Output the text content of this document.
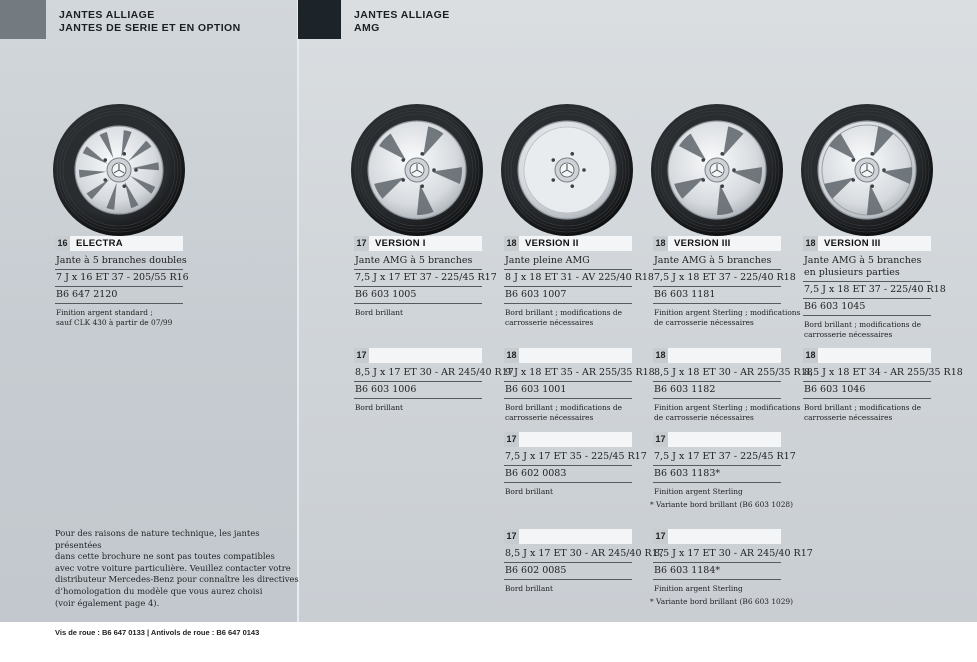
JANTES ALLIAGE
JANTES DE SERIE ET EN OPTION
JANTES ALLIAGE
AMG
Pour des raisons de nature technique, les jantes présentées
dans cette brochure ne sont pas toutes compatibles
avec votre voiture particulière. Veuillez contacter votre
distributeur Mercedes-Benz pour connaître les directives
d’homologation du modèle que vous aurez choisi
(voir également page 4).
Vis de roue : B6 647 0133 | Antivols de roue : B6 647 0143
16 ELECTRA
Jante à 5 branches doubles
7 J x 16 ET 37 - 205/55 R16
B6 647 2120
Finition argent standard ;
sauf CLK 430 à partir de 07/99
17 VERSION I
Jante AMG à 5 branches
7,5 J x 17 ET 37 - 225/45 R17
B6 603 1005
Bord brillant
18 VERSION II
Jante pleine AMG
8 J x 18 ET 31 - AV 225/40 R18
B6 603 1007
Bord brillant ; modifications de
carrosserie nécessaires
18 VERSION III
Jante AMG à 5 branches
7,5 J x 18 ET 37 - 225/40 R18
B6 603 1181
Finition argent Sterling ; modifications
de carrosserie nécessaires
18 VERSION III
Jante AMG à 5 branches
en plusieurs parties
7,5 J x 18 ET 37 - 225/40 R18
B6 603 1045
Bord brillant ; modifications de
carrosserie nécessaires
17
8,5 J x 17 ET 30 - AR 245/40 R17
B6 603 1006
Bord brillant
18
9 J x 18 ET 35 - AR 255/35 R18
B6 603 1001
Bord brillant ; modifications de
carrosserie nécessaires
18
8,5 J x 18 ET 30 - AR 255/35 R18
B6 603 1182
Finition argent Sterling ; modifications
de carrosserie nécessaires
18
8,5 J x 18 ET 34 - AR 255/35 R18
B6 603 1046
Bord brillant ; modifications de
carrosserie nécessaires
17
7,5 J x 17 ET 35 - 225/45 R17
B6 602 0083
Bord brillant
17
7,5 J x 17 ET 37 - 225/45 R17
B6 603 1183*
Finition argent Sterling
* Variante bord brillant (B6 603 1028)
17
8,5 J x 17 ET 30 - AR 245/40 R17
B6 602 0085
Bord brillant
17
8,5 J x 17 ET 30 - AR 245/40 R17
B6 603 1184*
Finition argent Sterling
* Variante bord brillant (B6 603 1029)
